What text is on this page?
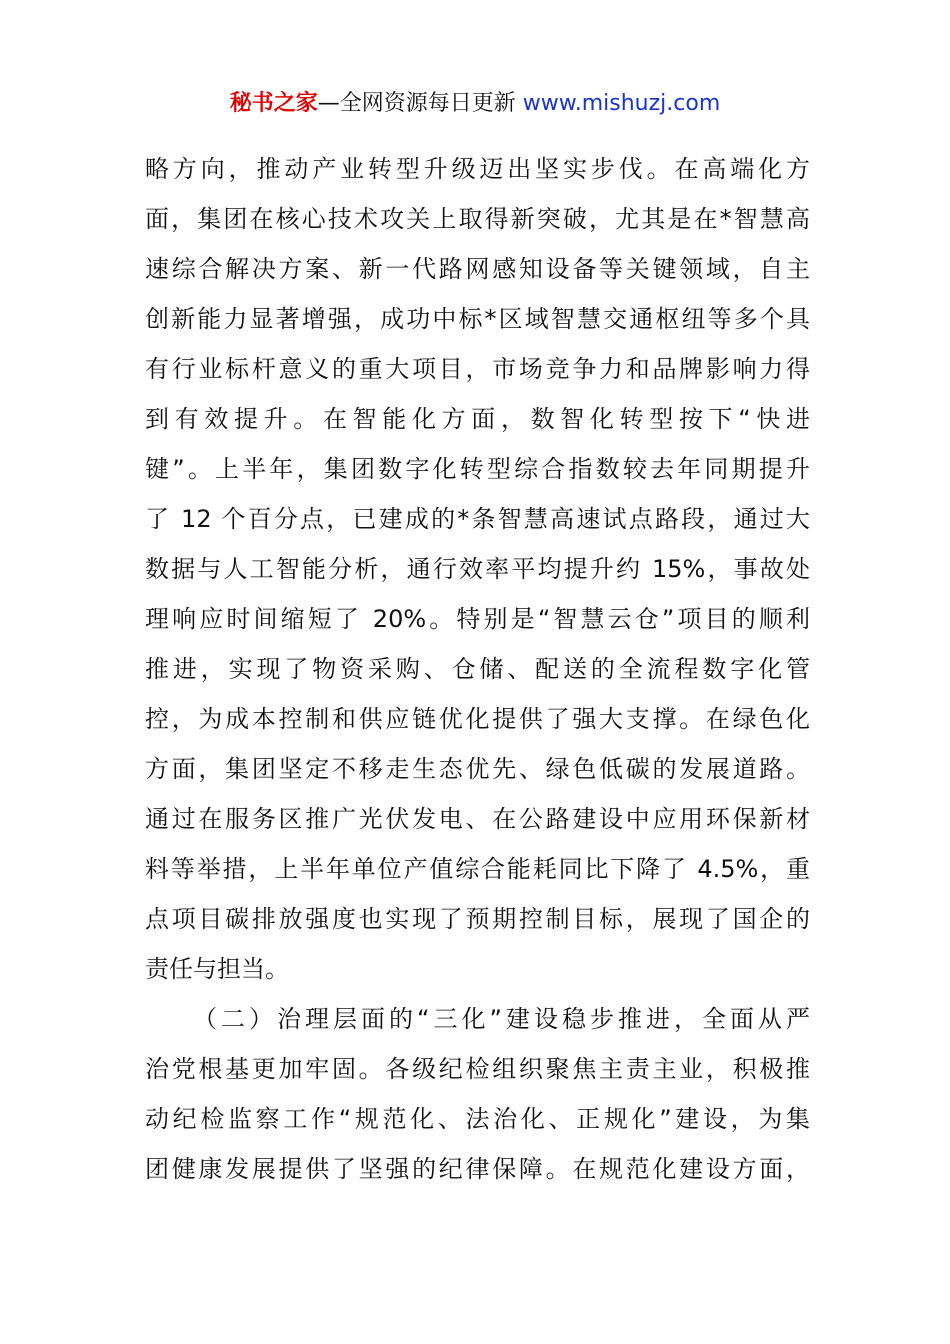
秘书之家—全网资源每日更新 www.mishuzj.com
略方向，推动产业转型升级迈出坚实步伐。在高端化方
面，集团在核心技术攻关上取得新突破，尤其是在*智慧高
速综合解决方案、新一代路网感知设备等关键领域，自主
创新能力显著增强，成功中标*区域智慧交通枢纽等多个具
有行业标杆意义的重大项目，市场竞争力和品牌影响力得
到有效提升。在智能化方面，数智化转型按下“快进
键”。上半年，集团数字化转型综合指数较去年同期提升
了 12 个百分点，已建成的*条智慧高速试点路段，通过大
数据与人工智能分析，通行效率平均提升约 15%，事故处
理响应时间缩短了 20%。特别是“智慧云仓”项目的顺利
推进，实现了物资采购、仓储、配送的全流程数字化管
控，为成本控制和供应链优化提供了强大支撑。在绿色化
方面，集团坚定不移走生态优先、绿色低碳的发展道路。
通过在服务区推广光伏发电、在公路建设中应用环保新材
料等举措，上半年单位产值综合能耗同比下降了 4.5%，重
点项目碳排放强度也实现了预期控制目标，展现了国企的
责任与担当。
（二）治理层面的“三化”建设稳步推进，全面从严
治党根基更加牢固。各级纪检组织聚焦主责主业，积极推
动纪检监察工作“规范化、法治化、正规化”建设，为集
团健康发展提供了坚强的纪律保障。在规范化建设方面，
